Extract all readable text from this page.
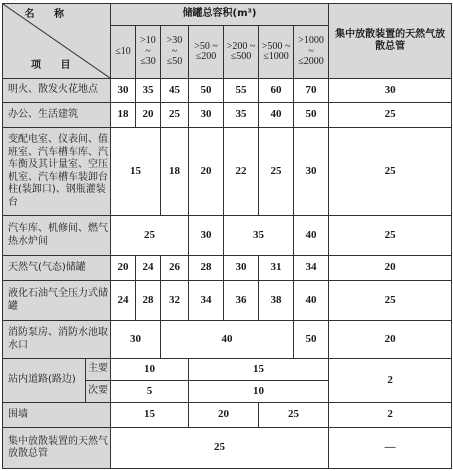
名 称
项 目		储罐总容积(m³)							集中放散装置的天然气放散总管
		≤10	>10 ~ ≤30	>30 ~ ≤50	>50 ~ ≤200	>200 ~ ≤500	>500 ~ ≤1000	>1000 ~ ≤2000	
明火、散发火花地点		30	35	45	50	55	60	70	30
办公、生活建筑		18	20	25	30	35	40	50	25
变配电室、仪表间、值班室、汽车槽车库、汽车衡及其计量室、空压机室、汽车槽车装卸台柱(装卸口)、钢瓶灌装台		15		18	20	22	25	30	25
汽车库、机修间、燃气热水炉间		25			30	35		40	25
天然气(气态)储罐		20	24	26	28	30	31	34	20
液化石油气全压力式储罐		24	28	32	34	36	38	40	25
消防泵房、消防水池取水口		30		40				50	20
站内道路(路边)	主要	10			15				2
	次要	5			10				
围墙		15			20		25		2
集中放散装置的天然气放散总管		25							—
